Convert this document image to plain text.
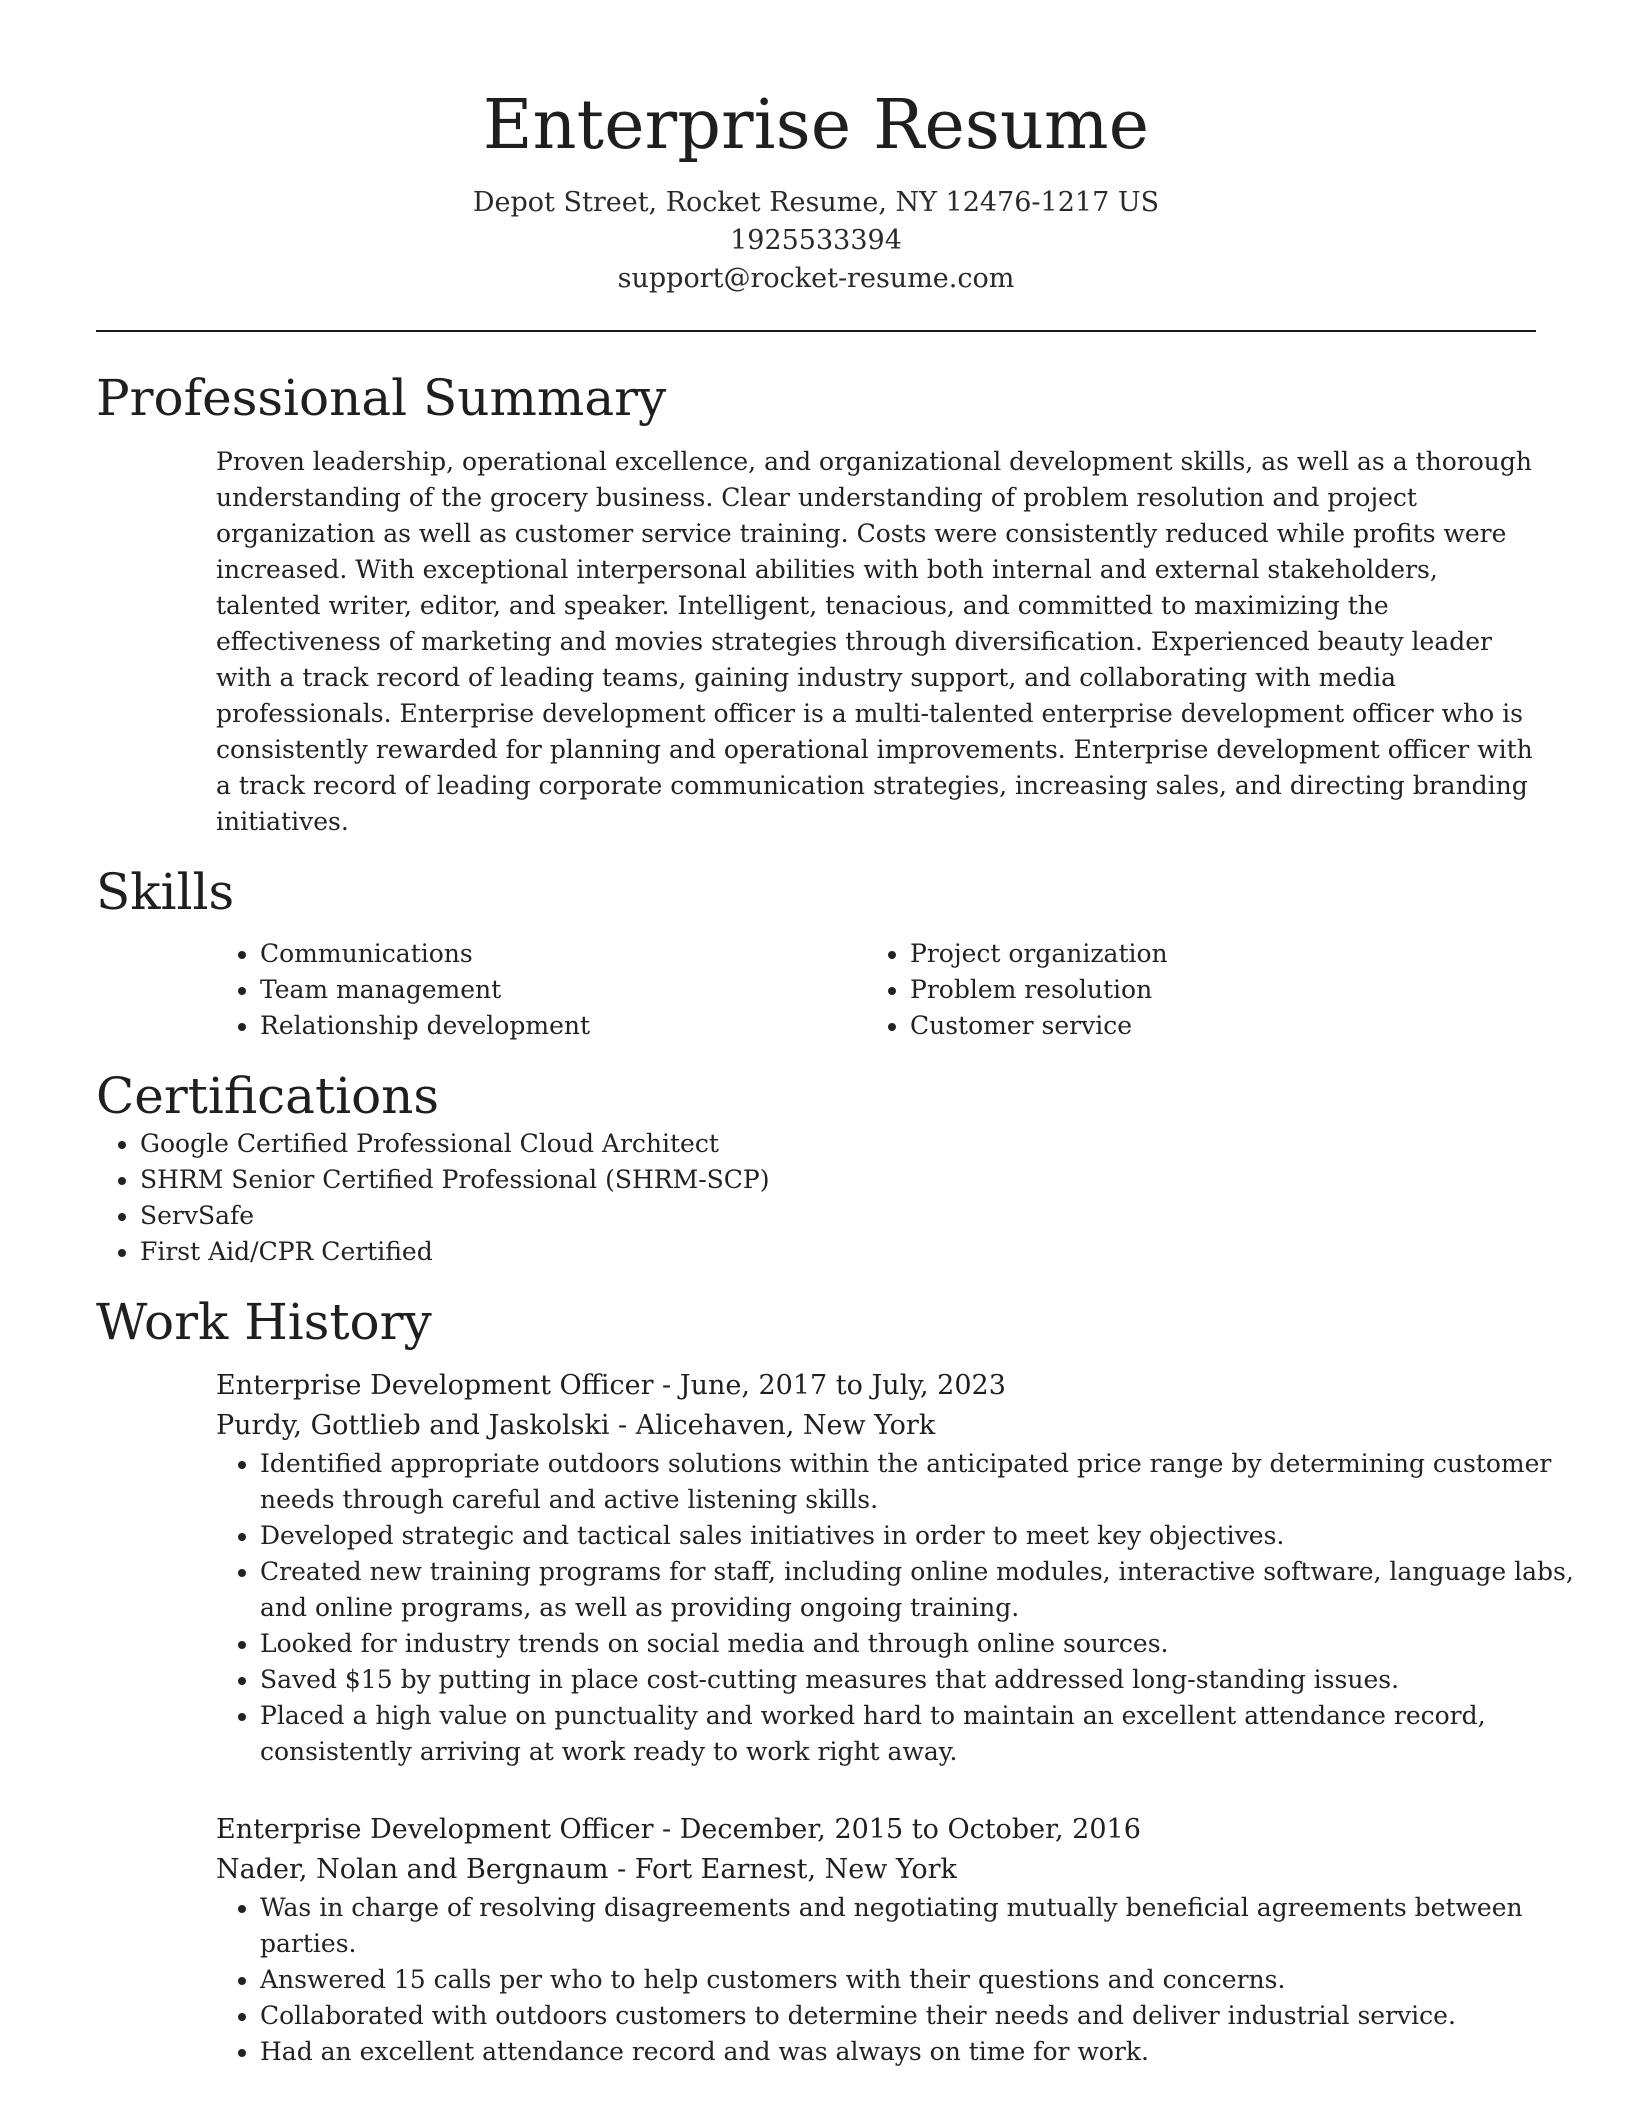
Enterprise Resume

Depot Street, Rocket Resume, NY 12476-1217 US

1925533394

support@rocket-resume.com

Professional Summary

Proven leadership, operational excellence, and organizational development skills, as well as a thorough understanding of the grocery business. Clear understanding of problem resolution and project organization as well as customer service training. Costs were consistently reduced while profits were increased. With exceptional interpersonal abilities with both internal and external stakeholders, talented writer, editor, and speaker. Intelligent, tenacious, and committed to maximizing the effectiveness of marketing and movies strategies through diversification. Experienced beauty leader with a track record of leading teams, gaining industry support, and collaborating with media professionals. Enterprise development officer is a multi-talented enterprise development officer who is consistently rewarded for planning and operational improvements. Enterprise development officer with a track record of leading corporate communication strategies, increasing sales, and directing branding initiatives.

Skills
• Communications
• Team management
• Relationship development
• Project organization
• Problem resolution
• Customer service
Certifications
• Google Certified Professional Cloud Architect
• SHRM Senior Certified Professional (SHRM-SCP)
• ServSafe
• First Aid/CPR Certified
Work History

Enterprise Development Officer - June, 2017 to July, 2023

Purdy, Gottlieb and Jaskolski - Alicehaven, New York

• Identified appropriate outdoors solutions within the anticipated price range by determining customer needs through careful and active listening skills.
• Developed strategic and tactical sales initiatives in order to meet key objectives.
• Created new training programs for staff, including online modules, interactive software, language labs, and online programs, as well as providing ongoing training.
• Looked for industry trends on social media and through online sources.
• Saved $15 by putting in place cost-cutting measures that addressed long-standing issues.
• Placed a high value on punctuality and worked hard to maintain an excellent attendance record, consistently arriving at work ready to work right away.

Enterprise Development Officer - December, 2015 to October, 2016

Nader, Nolan and Bergnaum - Fort Earnest, New York

• Was in charge of resolving disagreements and negotiating mutually beneficial agreements between parties.
• Answered 15 calls per who to help customers with their questions and concerns.
• Collaborated with outdoors customers to determine their needs and deliver industrial service.
• Had an excellent attendance record and was always on time for work.
